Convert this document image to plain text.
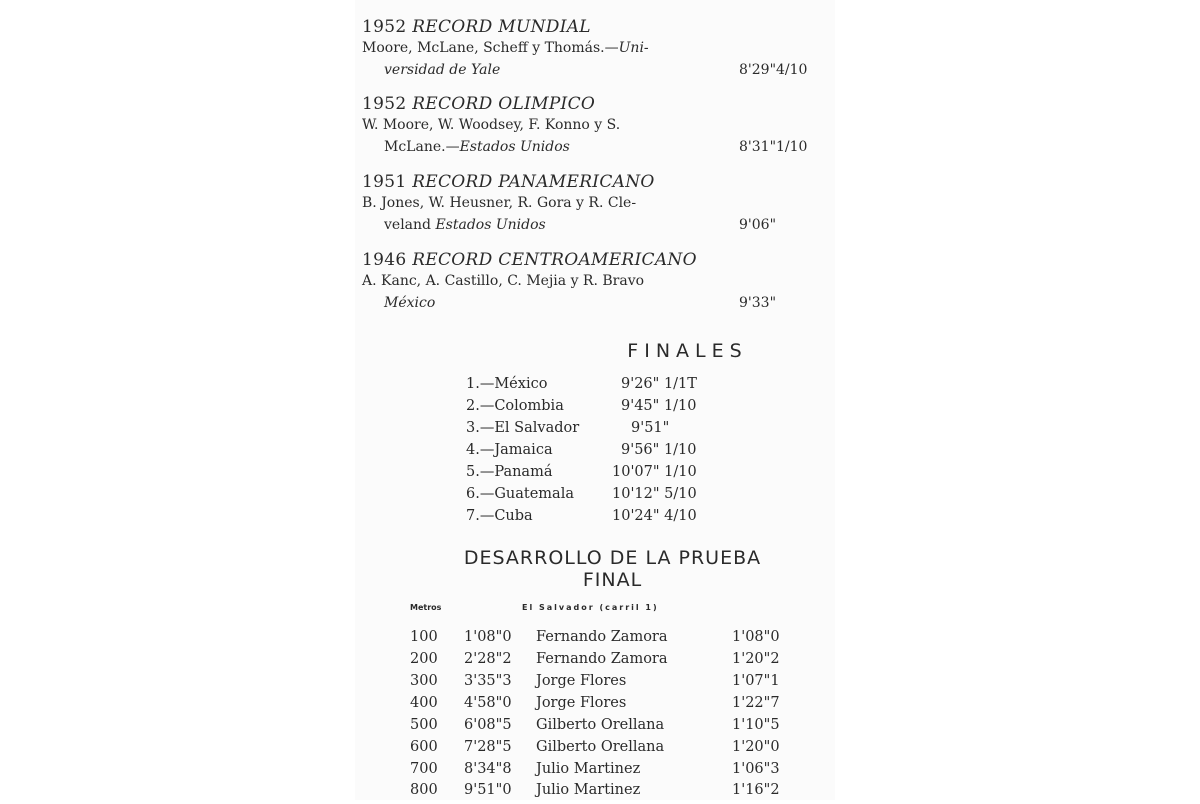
1952 RECORD MUNDIAL
Moore, McLane, Scheff y Thomás.—Uni-
versidad de Yale	8'29"4/10
1952 RECORD OLIMPICO
W. Moore, W. Woodsey, F. Konno y S.
McLane.—Estados Unidos	8'31"1/10
1951 RECORD PANAMERICANO
B. Jones, W. Heusner, R. Gora y R. Cle-
veland Estados Unidos	9'06"
1946 RECORD CENTROAMERICANO
A. Kanc, A. Castillo, C. Mejia y R. Bravo
México	9'33"
FINALES
1.—México	9'26" 1/1T
2.—Colombia	9'45" 1/10
3.—El Salvador	9'51"
4.—Jamaica	9'56" 1/10
5.—Panamá	10'07" 1/10
6.—Guatemala	10'12" 5/10
7.—Cuba	10'24" 4/10
DESARROLLO DE LA PRUEBA
FINAL
Metros	El Salvador (carril 1)
100 1'08"0 Fernando Zamora	1'08"0
200 2'28"2 Fernando Zamora	1'20"2
300 3'35"3 Jorge Flores	1'07"1
400 4'58"0 Jorge Flores	1'22"7
500 6'08"5 Gilberto Orellana	1'10"5
600 7'28"5 Gilberto Orellana	1'20"0
700 8'34"8 Julio Martinez	1'06"3
800 9'51"0 Julio Martinez	1'16"2
